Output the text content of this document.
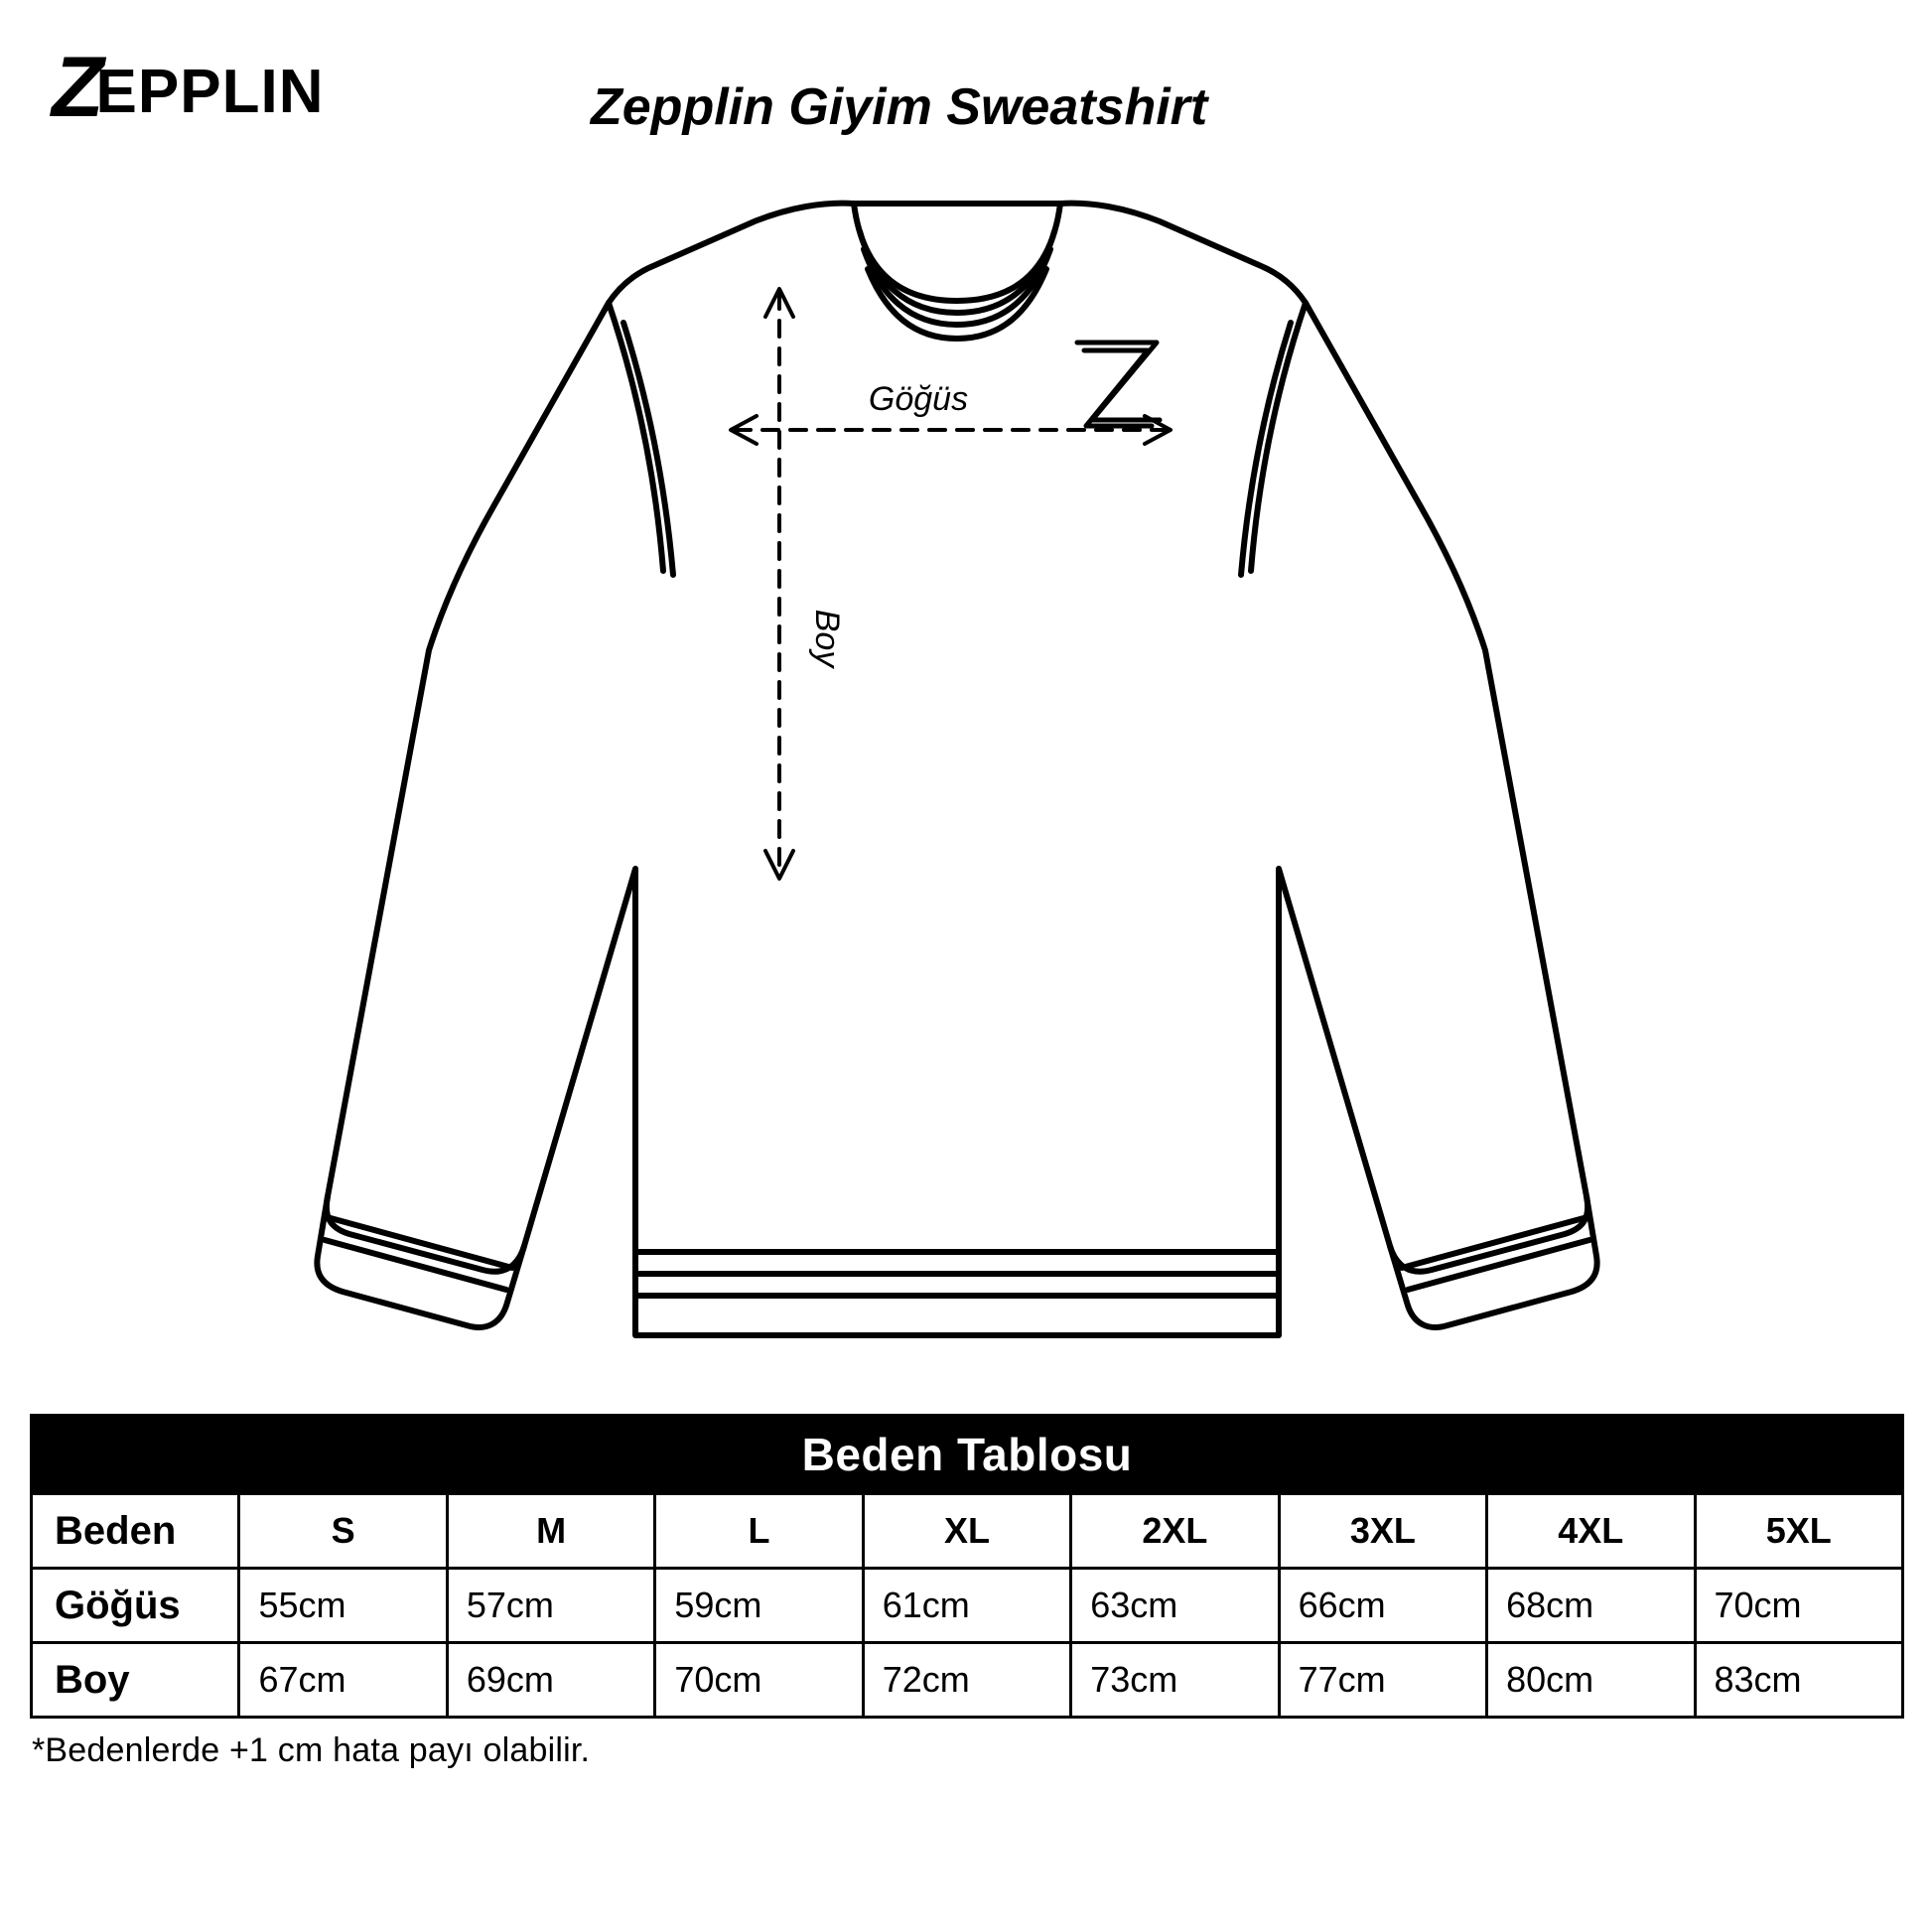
Z
EPPLIN	Zepplin Giyim Sweatshirt
Göğüs
Boy
Beden Tablosu								
Beden	S	M	L	XL	2XL	3XL	4XL	5XL
Göğüs	55cm	57cm	59cm	61cm	63cm	66cm	68cm	70cm
Boy	67cm	69cm	70cm	72cm	73cm	77cm	80cm	83cm
*Bedenlerde +1 cm hata payı olabilir.
